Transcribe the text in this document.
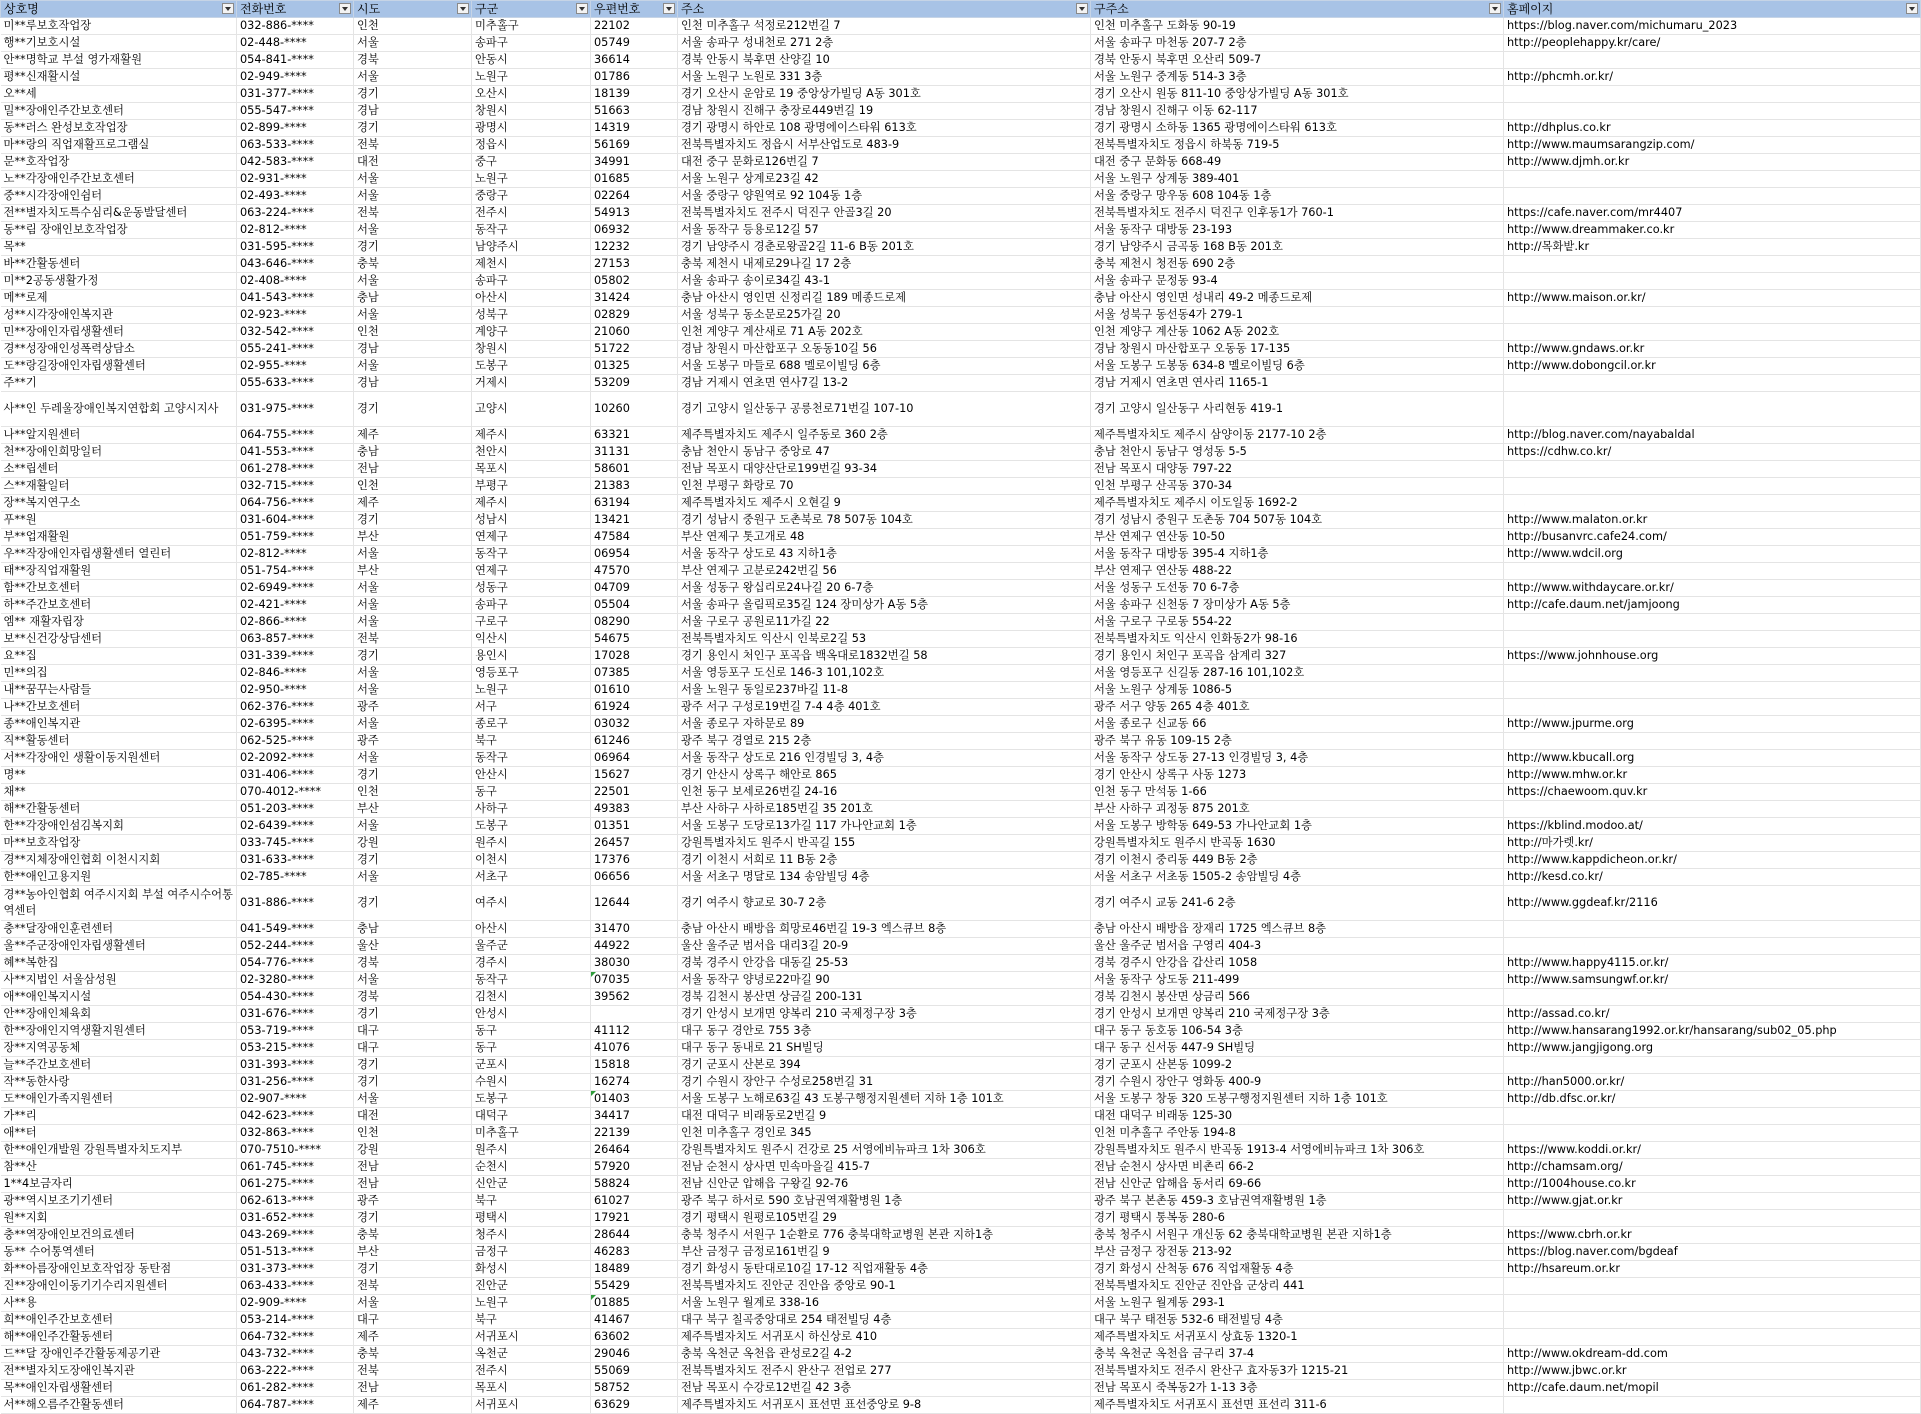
상호명	전화번호	시도	구군	우편번호	주소	구주소	홈페이지

미**루보호작업장	032-886-****	인천	미추홀구	22102	인천 미추홀구 석정로212번길 7	인천 미추홀구 도화동 90-19	https://blog.naver.com/michumaru_2023
행**기보호시설	02-448-****	서울	송파구	05749	서울 송파구 성내천로 271 2층	서울 송파구 마천동 207-7 2층	http://peoplehappy.kr/care/
안**명학교 부설 영가재활원	054-841-****	경북	안동시	36614	경북 안동시 북후면 산양길 10	경북 안동시 북후면 오산리 509-7	
평**신재활시설	02-949-****	서울	노원구	01786	서울 노원구 노원로 331 3층	서울 노원구 중계동 514-3 3층	http://phcmh.or.kr/
오**세	031-377-****	경기	오산시	18139	경기 오산시 운암로 19 중앙상가빌딩 A동 301호	경기 오산시 원동 811-10 중앙상가빌딩 A동 301호	
밀**장애인주간보호센터	055-547-****	경남	창원시	51663	경남 창원시 진해구 충장로449번길 19	경남 창원시 진해구 이동 62-117	
동**러스 완성보호작업장	02-899-****	경기	광명시	14319	경기 광명시 하안로 108 광명에이스타워 613호	경기 광명시 소하동 1365 광명에이스타워 613호	http://dhplus.co.kr
마**랑의 직업재활프로그램실	063-533-****	전북	정읍시	56169	전북특별자치도 정읍시 서부산업도로 483-9	전북특별자치도 정읍시 하북동 719-5	http://www.maumsarangzip.com/
문**호작업장	042-583-****	대전	중구	34991	대전 중구 문화로126번길 7	대전 중구 문화동 668-49	http://www.djmh.or.kr
노**각장애인주간보호센터	02-931-****	서울	노원구	01685	서울 노원구 상계로23길 42	서울 노원구 상계동 389-401	
중**시각장애인쉼터	02-493-****	서울	중랑구	02264	서울 중랑구 양원역로 92 104동 1층	서울 중랑구 망우동 608 104동 1층	
전**별자치도특수심리&운동발달센터	063-224-****	전북	전주시	54913	전북특별자치도 전주시 덕진구 안골3길 20	전북특별자치도 전주시 덕진구 인후동1가 760-1	https://cafe.naver.com/mr4407
동**림 장애인보호작업장	02-812-****	서울	동작구	06932	서울 동작구 등용로12길 57	서울 동작구 대방동 23-193	http://www.dreammaker.co.kr
목**	031-595-****	경기	남양주시	12232	경기 남양주시 경춘로왕골2길 11-6 B동 201호	경기 남양주시 금곡동 168 B동 201호	http://목화밭.kr
바**간활동센터	043-646-****	충북	제천시	27153	충북 제천시 내제로29나길 17 2층	충북 제천시 청전동 690 2층	
미**2공동생활가정	02-408-****	서울	송파구	05802	서울 송파구 송이로34길 43-1	서울 송파구 문정동 93-4	
메**로제	041-543-****	충남	아산시	31424	충남 아산시 영인면 신정리길 189 메종드로제	충남 아산시 영인면 성내리 49-2 메종드로제	http://www.maison.or.kr/
성**시각장애인복지관	02-923-****	서울	성북구	02829	서울 성북구 동소문로25가길 20	서울 성북구 동선동4가 279-1	
민**장애인자립생활센터	032-542-****	인천	계양구	21060	인천 계양구 계산새로 71 A동 202호	인천 계양구 계산동 1062 A동 202호	
경**성장애인성폭력상담소	055-241-****	경남	창원시	51722	경남 창원시 마산합포구 오동동10길 56	경남 창원시 마산합포구 오동동 17-135	http://www.gndaws.or.kr
도**랑길장애인자립생활센터	02-955-****	서울	도봉구	01325	서울 도봉구 마들로 688 멜로이빌딩 6층	서울 도봉구 도봉동 634-8 멜로이빌딩 6층	http://www.dobongcil.or.kr
주**기	055-633-****	경남	거제시	53209	경남 거제시 연초면 연사7길 13-2	경남 거제시 연초면 연사리 1165-1	
사**인 두레울장애인복지연합회 고양시지사	031-975-****	경기	고양시	10260	경기 고양시 일산동구 공릉천로71번길 107-10	경기 고양시 일산동구 사리현동 419-1	
나**알지원센터	064-755-****	제주	제주시	63321	제주특별자치도 제주시 일주동로 360 2층	제주특별자치도 제주시 삼양이동 2177-10 2층	http://blog.naver.com/nayabaldal
천**장애인희망일터	041-553-****	충남	천안시	31131	충남 천안시 동남구 중앙로 47	충남 천안시 동남구 영성동 5-5	https://cdhw.co.kr/
소**립센터	061-278-****	전남	목포시	58601	전남 목포시 대양산단로199번길 93-34	전남 목포시 대양동 797-22	
스**재활일터	032-715-****	인천	부평구	21383	인천 부평구 화랑로 70	인천 부평구 산곡동 370-34	
장**복지연구소	064-756-****	제주	제주시	63194	제주특별자치도 제주시 오현길 9	제주특별자치도 제주시 이도일동 1692-2	
푸**원	031-604-****	경기	성남시	13421	경기 성남시 중원구 도촌북로 78 507동 104호	경기 성남시 중원구 도촌동 704 507동 104호	http://www.malaton.or.kr
부**업재활원	051-759-****	부산	연제구	47584	부산 연제구 톳고개로 48	부산 연제구 연산동 10-50	http://busanvrc.cafe24.com/
우**작장애인자립생활센터 열린터	02-812-****	서울	동작구	06954	서울 동작구 상도로 43 지하1층	서울 동작구 대방동 395-4 지하1층	http://www.wdcil.org
태**장직업재활원	051-754-****	부산	연제구	47570	부산 연제구 고분로242번길 56	부산 연제구 연산동 488-22	
함**간보호센터	02-6949-****	서울	성동구	04709	서울 성동구 왕십리로24나길 20 6-7층	서울 성동구 도선동 70 6-7층	http://www.withdaycare.or.kr/
하**주간보호센터	02-421-****	서울	송파구	05504	서울 송파구 올림픽로35길 124 장미상가 A동 5층	서울 송파구 신천동 7 장미상가 A동 5층	http://cafe.daum.net/jamjoong
엠** 재활자립장	02-866-****	서울	구로구	08290	서울 구로구 공원로11가길 22	서울 구로구 구로동 554-22	
보**신건강상담센터	063-857-****	전북	익산시	54675	전북특별자치도 익산시 인북로2길 53	전북특별자치도 익산시 인화동2가 98-16	
요**집	031-339-****	경기	용인시	17028	경기 용인시 처인구 포곡읍 백옥대로1832번길 58	경기 용인시 처인구 포곡읍 삼계리 327	https://www.johnhouse.org
민**의집	02-846-****	서울	영등포구	07385	서울 영등포구 도신로 146-3 101,102호	서울 영등포구 신길동 287-16 101,102호	
내**꿈꾸는사람들	02-950-****	서울	노원구	01610	서울 노원구 동일로237바길 11-8	서울 노원구 상계동 1086-5	
나**간보호센터	062-376-****	광주	서구	61924	광주 서구 구성로19번길 7-4 4층 401호	광주 서구 양동 265 4층 401호	
종**애인복지관	02-6395-****	서울	종로구	03032	서울 종로구 자하문로 89	서울 종로구 신교동 66	http://www.jpurme.org
직**활동센터	062-525-****	광주	북구	61246	광주 북구 경열로 215 2층	광주 북구 유동 109-15 2층	
서**각장애인 생활이동지원센터	02-2092-****	서울	동작구	06964	서울 동작구 상도로 216 인경빌딩 3, 4층	서울 동작구 상도동 27-13 인경빌딩 3, 4층	http://www.kbucall.org
명**	031-406-****	경기	안산시	15627	경기 안산시 상록구 해안로 865	경기 안산시 상록구 사동 1273	http://www.mhw.or.kr
채**	070-4012-****	인천	동구	22501	인천 동구 보세로26번길 24-16	인천 동구 만석동 1-66	https://chaewoom.quv.kr
해**간활동센터	051-203-****	부산	사하구	49383	부산 사하구 사하로185번길 35 201호	부산 사하구 괴정동 875 201호	
한**각장애인섬김복지회	02-6439-****	서울	도봉구	01351	서울 도봉구 도당로13가길 117 가나안교회 1층	서울 도봉구 방학동 649-53 가나안교회 1층	https://kblind.modoo.at/
마**보호작업장	033-745-****	강원	원주시	26457	강원특별자치도 원주시 반곡길 155	강원특별자치도 원주시 반곡동 1630	http://마가렛.kr/
경**지체장애인협회 이천시지회	031-633-****	경기	이천시	17376	경기 이천시 서희로 11 B동 2층	경기 이천시 중리동 449 B동 2층	http://www.kappdicheon.or.kr/
한**애인고용지원	02-785-****	서울	서초구	06656	서울 서초구 명달로 134 송암빌딩 4층	서울 서초구 서초동 1505-2 송암빌딩 4층	http://kesd.co.kr/
경**농아인협회 여주시지회 부설 여주시수어통역센터	031-886-****	경기	여주시	12644	경기 여주시 향교로 30-7 2층	경기 여주시 교동 241-6 2층	http://www.ggdeaf.kr/2116
충**달장애인훈련센터	041-549-****	충남	아산시	31470	충남 아산시 배방읍 희망로46번길 19-3 엑스큐브 8층	충남 아산시 배방읍 장재리 1725 엑스큐브 8층	
울**주군장애인자립생활센터	052-244-****	울산	울주군	44922	울산 울주군 범서읍 대리3길 20-9	울산 울주군 범서읍 구영리 404-3	
혜**복한집	054-776-****	경북	경주시	38030	경북 경주시 안강읍 대동길 25-53	경북 경주시 안강읍 갑산리 1058	http://www.happy4115.or.kr/
사**지법인 서울삼성원	02-3280-****	서울	동작구	07035	서울 동작구 양녕로22마길 90	서울 동작구 상도동 211-499	http://www.samsungwf.or.kr/
애**애인복지시설	054-430-****	경북	김천시	39562	경북 김천시 봉산면 상금길 200-131	경북 김천시 봉산면 상금리 566	
안**장애인체육회	031-676-****	경기	안성시		경기 안성시 보개면 양복리 210 국제정구장 3층	경기 안성시 보개면 양복리 210 국제정구장 3층	http://assad.co.kr/
한**장애인지역생활지원센터	053-719-****	대구	동구	41112	대구 동구 경안로 755 3층	대구 동구 동호동 106-54 3층	http://www.hansarang1992.or.kr/hansarang/sub02_05.php
장**지역공동체	053-215-****	대구	동구	41076	대구 동구 동내로 21 SH빌딩	대구 동구 신서동 447-9 SH빌딩	http://www.jangjigong.org
늘**주간보호센터	031-393-****	경기	군포시	15818	경기 군포시 산본로 394	경기 군포시 산본동 1099-2	
작**동한사랑	031-256-****	경기	수원시	16274	경기 수원시 장안구 수성로258번길 31	경기 수원시 장안구 영화동 400-9	http://han5000.or.kr/
도**애인가족지원센터	02-907-****	서울	도봉구	01403	서울 도봉구 노해로63길 43 도봉구행정지원센터 지하 1층 101호	서울 도봉구 창동 320 도봉구행정지원센터 지하 1층 101호	http://db.dfsc.or.kr/
가**리	042-623-****	대전	대덕구	34417	대전 대덕구 비래동로2번길 9	대전 대덕구 비래동 125-30	
애**터	032-863-****	인천	미추홀구	22139	인천 미추홀구 경인로 345	인천 미추홀구 주안동 194-8	
한**애인개발원 강원특별자치도지부	070-7510-****	강원	원주시	26464	강원특별자치도 원주시 건강로 25 서영에비뉴파크 1차 306호	강원특별자치도 원주시 반곡동 1913-4 서영에비뉴파크 1차 306호	https://www.koddi.or.kr/
참**산	061-745-****	전남	순천시	57920	전남 순천시 상사면 민속마을길 415-7	전남 순천시 상사면 비촌리 66-2	http://chamsam.org/
1**4보금자리	061-275-****	전남	신안군	58824	전남 신안군 압해읍 구왕길 92-76	전남 신안군 압해읍 동서리 69-66	http://1004house.co.kr
광**역시보조기기센터	062-613-****	광주	북구	61027	광주 북구 하서로 590 호남권역재활병원 1층	광주 북구 본촌동 459-3 호남권역재활병원 1층	http://www.gjat.or.kr
원**지회	031-652-****	경기	평택시	17921	경기 평택시 원평로105번길 29	경기 평택시 통복동 280-6	
충**역장애인보건의료센터	043-269-****	충북	청주시	28644	충북 청주시 서원구 1순환로 776 충북대학교병원 본관 지하1층	충북 청주시 서원구 개신동 62 충북대학교병원 본관 지하1층	https://www.cbrh.or.kr
동** 수어통역센터	051-513-****	부산	금정구	46283	부산 금정구 금정로161번길 9	부산 금정구 장전동 213-92	https://blog.naver.com/bgdeaf
화**아름장애인보호작업장 동탄점	031-373-****	경기	화성시	18489	경기 화성시 동탄대로10길 17-12 직업재활동 4층	경기 화성시 산척동 676 직업재활동 4층	http://hsareum.or.kr
진**장애인이동기기수리지원센터	063-433-****	전북	진안군	55429	전북특별자치도 진안군 진안읍 중앙로 90-1	전북특별자치도 진안군 진안읍 군상리 441	
사**용	02-909-****	서울	노원구	01885	서울 노원구 월계로 338-16	서울 노원구 월계동 293-1	
희**애인주간보호센터	053-214-****	대구	북구	41467	대구 북구 칠곡중앙대로 254 태전빌딩 4층	대구 북구 태전동 532-6 태전빌딩 4층	
해**애인주간활동센터	064-732-****	제주	서귀포시	63602	제주특별자치도 서귀포시 하신상로 410	제주특별자치도 서귀포시 상효동 1320-1	
드**달 장애인주간활동제공기관	043-732-****	충북	옥천군	29046	충북 옥천군 옥천읍 관성로2길 4-2	충북 옥천군 옥천읍 금구리 37-4	http://www.okdream-dd.com
전**별자치도장애인복지관	063-222-****	전북	전주시	55069	전북특별자치도 전주시 완산구 전업로 277	전북특별자치도 전주시 완산구 효자동3가 1215-21	http://www.jbwc.or.kr
목**애인자립생활센터	061-282-****	전남	목포시	58752	전남 목포시 수강로12번길 42 3층	전남 목포시 죽복동2가 1-13 3층	http://cafe.daum.net/mopil
서**해오름주간활동센터	064-787-****	제주	서귀포시	63629	제주특별자치도 서귀포시 표선면 표선중앙로 9-8	제주특별자치도 서귀포시 표선면 표선리 311-6	
